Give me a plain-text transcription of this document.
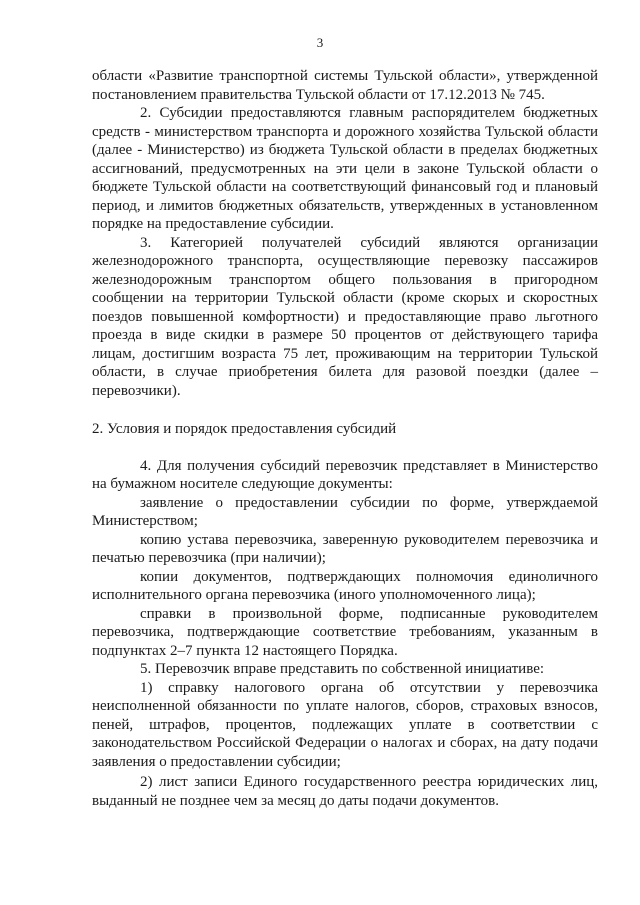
3

области «Развитие транспортной системы Тульской области», утвержденной постановлением правительства Тульской области от 17.12.2013 № 745.

2. Субсидии предоставляются главным распорядителем бюджетных средств - министерством транспорта и дорожного хозяйства Тульской области (далее - Министерство) из бюджета Тульской области в пределах бюджетных ассигнований, предусмотренных на эти цели в законе Тульской области о бюджете Тульской области на соответствующий финансовый год и плановый период, и лимитов бюджетных обязательств, утвержденных в установленном порядке на предоставление субсидии.

3. Категорией получателей субсидий являются организации железнодорожного транспорта, осуществляющие перевозку пассажиров железнодорожным транспортом общего пользования в пригородном сообщении на территории Тульской области (кроме скорых и скоростных поездов повышенной комфортности) и предоставляющие право льготного проезда в виде скидки в размере 50 процентов от действующего тарифа лицам, достигшим возраста 75 лет, проживающим на территории Тульской области, в случае приобретения билета для разовой поездки (далее – перевозчики).

2. Условия и порядок предоставления субсидий

4. Для получения субсидий перевозчик представляет в Министерство на бумажном носителе следующие документы:

заявление о предоставлении субсидии по форме, утверждаемой Министерством;

копию устава перевозчика, заверенную руководителем перевозчика и печатью перевозчика (при наличии);

копии документов, подтверждающих полномочия единоличного исполнительного органа перевозчика (иного уполномоченного лица);

справки в произвольной форме, подписанные руководителем перевозчика, подтверждающие соответствие требованиям, указанным в подпунктах 2–7 пункта 12 настоящего Порядка.

5. Перевозчик вправе представить по собственной инициативе:

1) справку налогового органа об отсутствии у перевозчика неисполненной обязанности по уплате налогов, сборов, страховых взносов, пеней, штрафов, процентов, подлежащих уплате в соответствии с законодательством Российской Федерации о налогах и сборах, на дату подачи заявления о предоставлении субсидии;

2) лист записи Единого государственного реестра юридических лиц, выданный не позднее чем за месяц до даты подачи документов.
